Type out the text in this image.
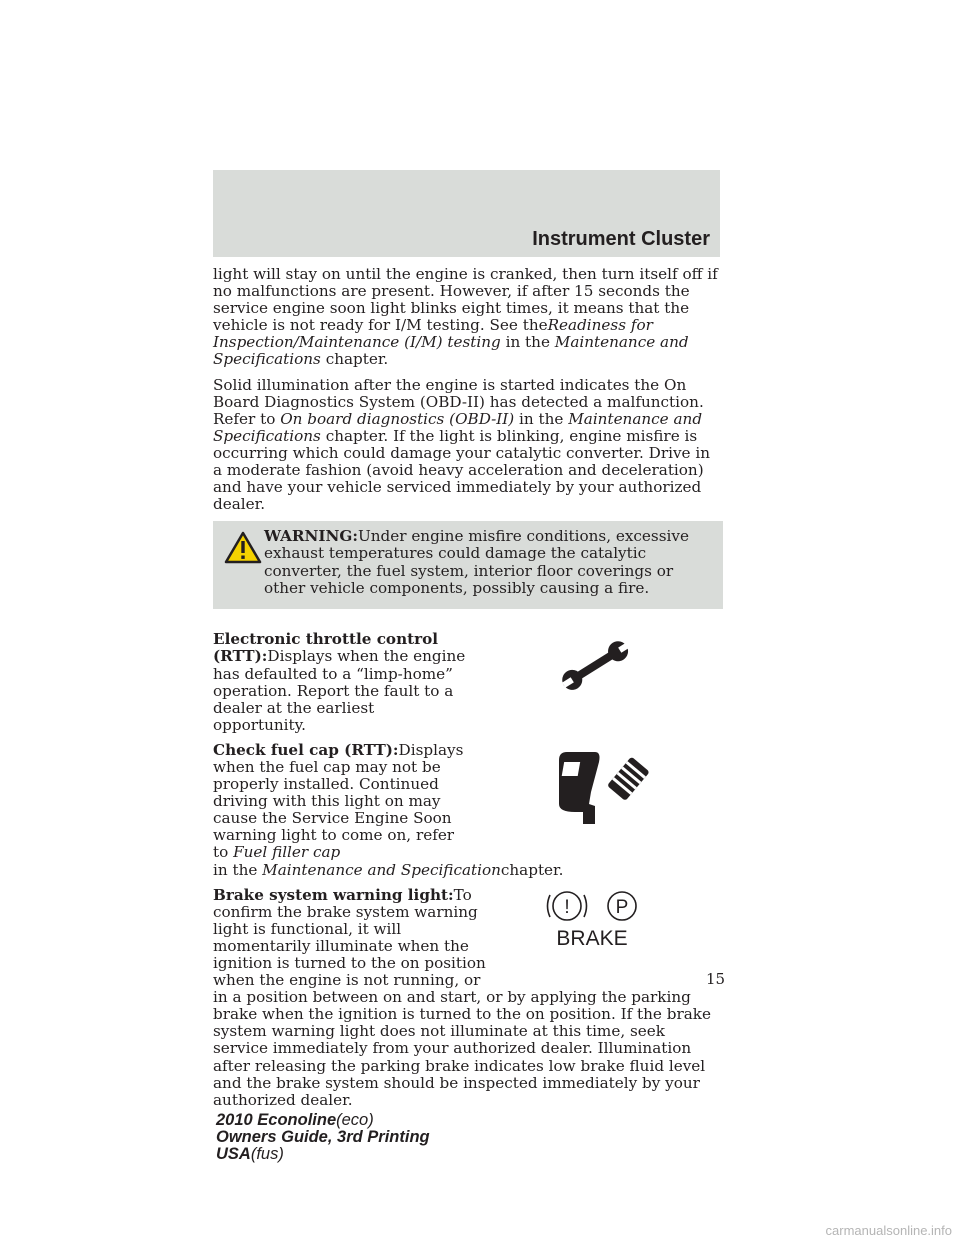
Instrument Cluster

light will stay on until the engine is cranked, then turn itself off if no malfunctions are present. However, if after 15 seconds the service engine soon light blinks eight times, it means that the vehicle is not ready for I/M testing. See theReadiness for Inspection/Maintenance (I/M) testing in the Maintenance and Specifications chapter.

Solid illumination after the engine is started indicates the On Board Diagnostics System (OBD-II) has detected a malfunction. Refer to On board diagnostics (OBD-II) in the Maintenance and Specifications chapter. If the light is blinking, engine misfire is occurring which could damage your catalytic converter. Drive in a moderate fashion (avoid heavy acceleration and deceleration) and have your vehicle serviced immediately by your authorized dealer.

WARNING:Under engine misfire conditions, excessive exhaust temperatures could damage the catalytic converter, the fuel system, interior floor coverings or other vehicle components, possibly causing a fire.

Electronic throttle control (RTT):Displays when the engine has defaulted to a “limp-home” operation. Report the fault to a dealer at the earliest opportunity.

Check fuel cap (RTT):Displays when the fuel cap may not be properly installed. Continued driving with this light on may cause the Service Engine Soon warning light to come on, refer to Fuel filler cap

in the Maintenance and Specificationchapter.

Brake system warning light:To confirm the brake system warning light is functional, it will momentarily illuminate when the ignition is turned to the on position when the engine is not running, or in a position between on and start, or by applying the parking brake when the ignition is turned to the on position. If the brake system warning light does not illuminate at this time, seek service immediately from your authorized dealer. Illumination after releasing the parking brake indicates low brake fluid level and the brake system should be inspected immediately by your authorized dealer.

! P
BRAKE
15
2010 Econoline(eco)
Owners Guide, 3rd Printing
USA(fus)
carmanualsonline.info
